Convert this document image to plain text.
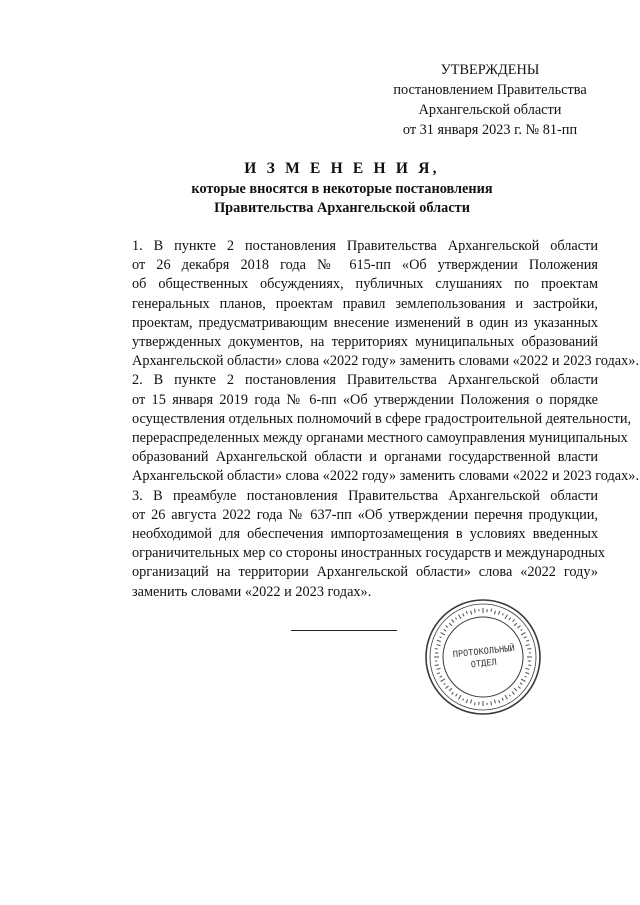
УТВЕРЖДЕНЫ
постановлением Правительства
Архангельской области
от 31 января 2023 г. № 81-пп
И З М Е Н Е Н И Я,
которые вносятся в некоторые постановления
Правительства Архангельской области

1. В пункте 2 постановления Правительства Архангельской области
от 26 декабря 2018 года № 615-пп «Об утверждении Положения
об общественных обсуждениях, публичных слушаниях по проектам
генеральных планов, проектам правил землепользования и застройки,
проектам, предусматривающим внесение изменений в один из указанных
утвержденных документов, на территориях муниципальных образований
Архангельской области» слова «2022 году» заменить словами «2022 и 2023 годах».

2. В пункте 2 постановления Правительства Архангельской области
от 15 января 2019 года № 6-пп «Об утверждении Положения о порядке
осуществления отдельных полномочий в сфере градостроительной деятельности,
перераспределенных между органами местного самоуправления муниципальных
образований Архангельской области и органами государственной власти
Архангельской области» слова «2022 году» заменить словами «2022 и 2023 годах».

3. В преамбуле постановления Правительства Архангельской области
от 26 августа 2022 года № 637-пп «Об утверждении перечня продукции,
необходимой для обеспечения импортозамещения в условиях введенных
ограничительных мер со стороны иностранных государств и международных
организаций на территории Архангельской области» слова «2022 году»
заменить словами «2022 и 2023 годах».

ПРОТОКОЛЬНЫЙ
ОТДЕЛ
